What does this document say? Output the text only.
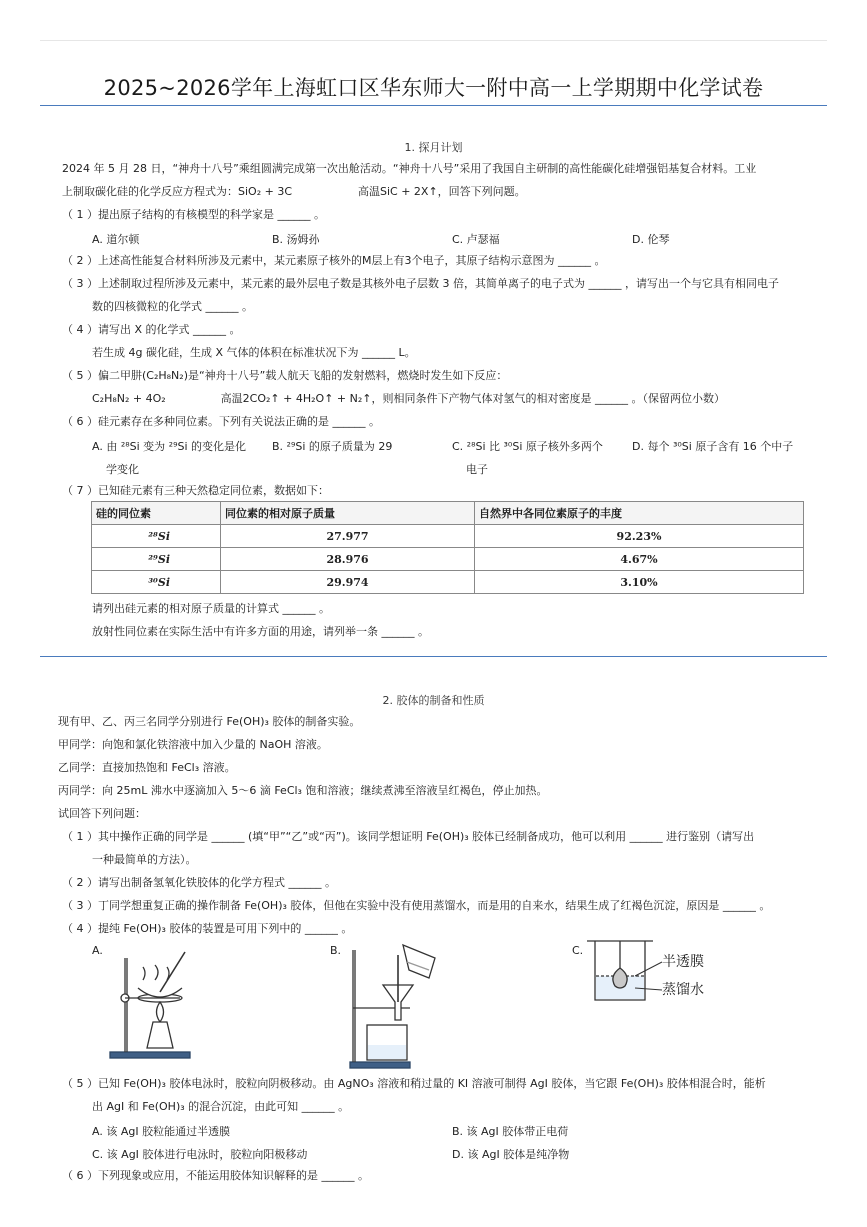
2025~2026学年上海虹口区华东师大一附中高一上学期期中化学试卷
1. 探月计划
2024 年 5 月 28 日，“神舟十八号”乘组圆满完成第一次出舱活动。“神舟十八号”采用了我国自主研制的高性能碳化硅增强铝基复合材料。工业
上制取碳化硅的化学反应方程式为：SiO₂ + 3C　　　　　　高温SiC + 2X↑，回答下列问题。
（ 1 ）提出原子结构的有核模型的科学家是 ______ 。
A. 道尔顿	B. 汤姆孙	C. 卢瑟福	D. 伦琴
（ 2 ）上述高性能复合材料所涉及元素中，某元素原子核外的M层上有3个电子，其原子结构示意图为 ______ 。
（ 3 ）上述制取过程所涉及元素中，某元素的最外层电子数是其核外电子层数 3 倍，其简单离子的电子式为 ______ ，请写出一个与它具有相同电子
数的四核微粒的化学式 ______ 。
（ 4 ）请写出 X 的化学式 ______ 。
若生成 4g 碳化硅，生成 X 气体的体积在标准状况下为 ______ L。
（ 5 ）偏二甲肼(C₂H₈N₂)是“神舟十八号”载人航天飞船的发射燃料，燃烧时发生如下反应：
C₂H₈N₂ + 4O₂　　　　　高温2CO₂↑ + 4H₂O↑ + N₂↑，则相同条件下产物气体对氢气的相对密度是 ______ 。（保留两位小数）
（ 6 ）硅元素存在多种同位素。下列有关说法正确的是 ______ 。
A. 由 ²⁸Si 变为 ²⁹Si 的变化是化
学变化
B. ²⁹Si 的原子质量为 29	C. ²⁸Si 比 ³⁰Si 原子核外多两个
电子
D. 每个 ³⁰Si 原子含有 16 个中子
（ 7 ）已知硅元素有三种天然稳定同位素，数据如下：
硅的同位素	同位素的相对原子质量	自然界中各同位素原子的丰度
²⁸Si	27.977	92.23%
²⁹Si	28.976	4.67%
³⁰Si	29.974	3.10%
请列出硅元素的相对原子质量的计算式 ______ 。
放射性同位素在实际生活中有许多方面的用途，请列举一条 ______ 。
2. 胶体的制备和性质
现有甲、乙、丙三名同学分别进行 Fe(OH)₃ 胶体的制备实验。
甲同学：向饱和氯化铁溶液中加入少量的 NaOH 溶液。
乙同学：直接加热饱和 FeCl₃ 溶液。
丙同学：向 25mL 沸水中逐滴加入 5～6 滴 FeCl₃ 饱和溶液；继续煮沸至溶液呈红褐色，停止加热。
试回答下列问题：
（ 1 ）其中操作正确的同学是 ______ (填“甲”“乙”或“丙”)。该同学想证明 Fe(OH)₃ 胶体已经制备成功，他可以利用 ______ 进行鉴别（请写出
一种最简单的方法）。
（ 2 ）请写出制备氢氧化铁胶体的化学方程式 ______ 。
（ 3 ）丁同学想重复正确的操作制备 Fe(OH)₃ 胶体，但他在实验中没有使用蒸馏水，而是用的自来水，结果生成了红褐色沉淀，原因是 ______ 。
（ 4 ）提纯 Fe(OH)₃ 胶体的装置是可用下列中的 ______ 。
A.	B.	C.
半透膜
蒸馏水
（ 5 ）已知 Fe(OH)₃ 胶体电泳时，胶粒向阴极移动。由 AgNO₃ 溶液和稍过量的 KI 溶液可制得 AgI 胶体，当它跟 Fe(OH)₃ 胶体相混合时，能析
出 AgI 和 Fe(OH)₃ 的混合沉淀，由此可知 ______ 。
A. 该 AgI 胶粒能通过半透膜	B. 该 AgI 胶体带正电荷
C. 该 AgI 胶体进行电泳时，胶粒向阳极移动	D. 该 AgI 胶体是纯净物
（ 6 ）下列现象或应用，不能运用胶体知识解释的是 ______ 。
